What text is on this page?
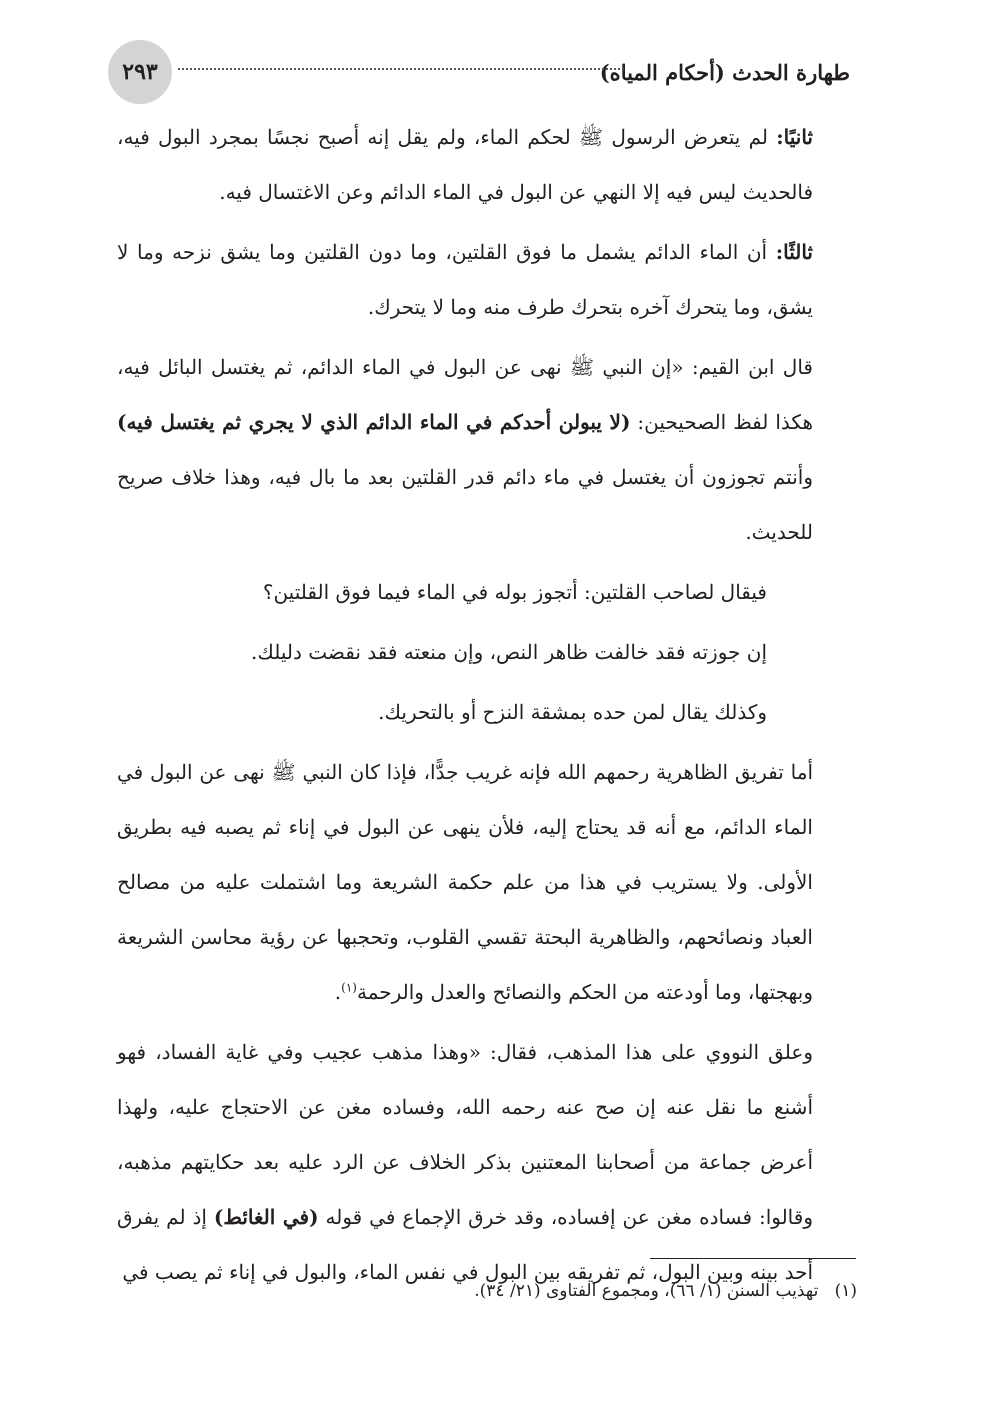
طهارة الحدث (أحكام المياه)
٢٩٣

ثانيًا: لم يتعرض الرسول ﷺ لحكم الماء، ولم يقل إنه أصبح نجسًا بمجرد البول فيه، فالحديث ليس فيه إلا النهي عن البول في الماء الدائم وعن الاغتسال فيه.

ثالثًا: أن الماء الدائم يشمل ما فوق القلتين، وما دون القلتين وما يشق نزحه وما لا يشق، وما يتحرك آخره بتحرك طرف منه وما لا يتحرك.

قال ابن القيم: «إن النبي ﷺ نهى عن البول في الماء الدائم، ثم يغتسل البائل فيه، هكذا لفظ الصحيحين: (لا يبولن أحدكم في الماء الدائم الذي لا يجري ثم يغتسل فيه) وأنتم تجوزون أن يغتسل في ماء دائم قدر القلتين بعد ما بال فيه، وهذا خلاف صريح للحديث.

فيقال لصاحب القلتين: أتجوز بوله في الماء فيما فوق القلتين؟

إن جوزته فقد خالفت ظاهر النص، وإن منعته فقد نقضت دليلك.

وكذلك يقال لمن حده بمشقة النزح أو بالتحريك.

أما تفريق الظاهرية رحمهم الله فإنه غريب جدًّا، فإذا كان النبي ﷺ نهى عن البول في الماء الدائم، مع أنه قد يحتاج إليه، فلأن ينهى عن البول في إناء ثم يصبه فيه بطريق الأولى. ولا يستريب في هذا من علم حكمة الشريعة وما اشتملت عليه من مصالح العباد ونصائحهم، والظاهرية البحتة تقسي القلوب، وتحجبها عن رؤية محاسن الشريعة وبهجتها، وما أودعته من الحكم والنصائح والعدل والرحمة$^{(١)}$.

وعلق النووي على هذا المذهب، فقال: «وهذا مذهب عجيب وفي غاية الفساد، فهو أشنع ما نقل عنه إن صح عنه رحمه الله، وفساده مغن عن الاحتجاج عليه، ولهذا أعرض جماعة من أصحابنا المعتنين بذكر الخلاف عن الرد عليه بعد حكايتهم مذهبه، وقالوا: فساده مغن عن إفساده، وقد خرق الإجماع في قوله (في الغائط) إذ لم يفرق أحد بينه وبين البول، ثم تفريقه بين البول في نفس الماء، والبول في إناء ثم يصب في

(١)   تهذيب السنن (١/ ٦٦)، ومجموع الفتاوى (٢١/ ٣٤).
